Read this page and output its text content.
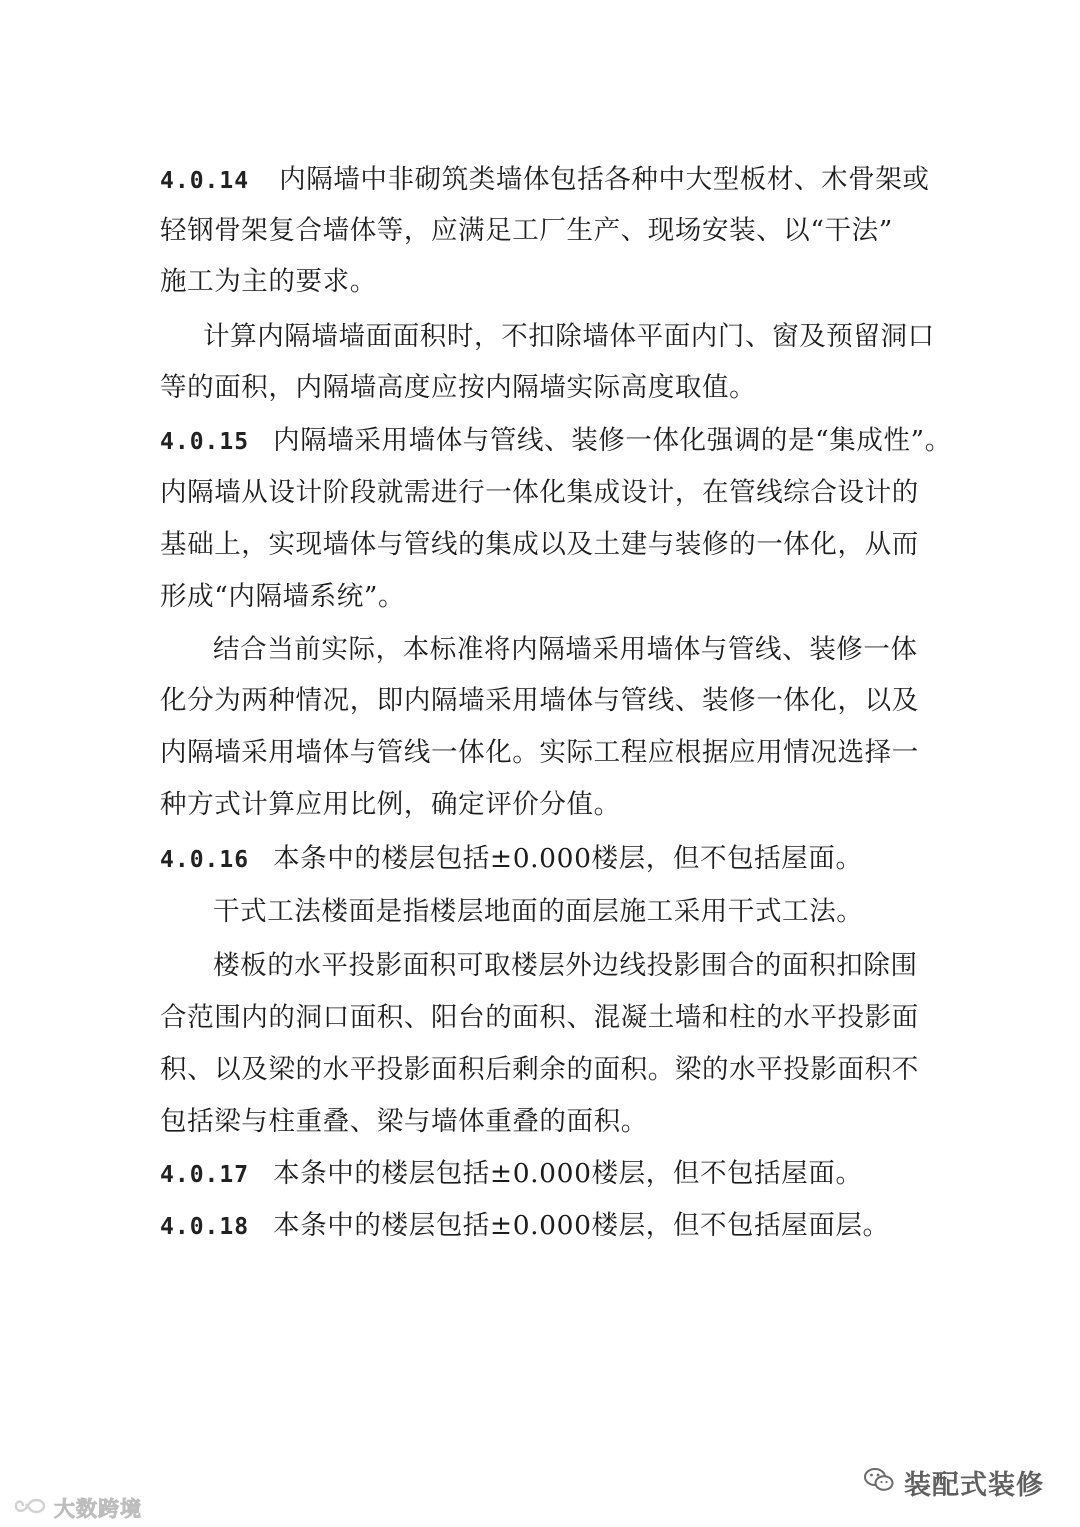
4.0.14 内隔墙中非砌筑类墙体包括各种中大型板材、木骨架或
轻钢骨架复合墙体等，应满足工厂生产、现场安装、以“干法”
施工为主的要求。
计算内隔墙墙面面积时，不扣除墙体平面内门、窗及预留洞口
等的面积，内隔墙高度应按内隔墙实际高度取值。
4.0.15 内隔墙采用墙体与管线、装修一体化强调的是“集成性”。
内隔墙从设计阶段就需进行一体化集成设计，在管线综合设计的
基础上，实现墙体与管线的集成以及土建与装修的一体化，从而
形成“内隔墙系统”。
结合当前实际，本标准将内隔墙采用墙体与管线、装修一体
化分为两种情况，即内隔墙采用墙体与管线、装修一体化，以及
内隔墙采用墙体与管线一体化。实际工程应根据应用情况选择一
种方式计算应用比例，确定评价分值。
4.0.16 本条中的楼层包括±0.000楼层，但不包括屋面。
干式工法楼面是指楼层地面的面层施工采用干式工法。
楼板的水平投影面积可取楼层外边线投影围合的面积扣除围
合范围内的洞口面积、阳台的面积、混凝土墙和柱的水平投影面
积、以及梁的水平投影面积后剩余的面积。梁的水平投影面积不
包括梁与柱重叠、梁与墙体重叠的面积。
4.0.17 本条中的楼层包括±0.000楼层，但不包括屋面。
4.0.18 本条中的楼层包括±0.000楼层，但不包括屋面层。
装配式装修
大数跨境
